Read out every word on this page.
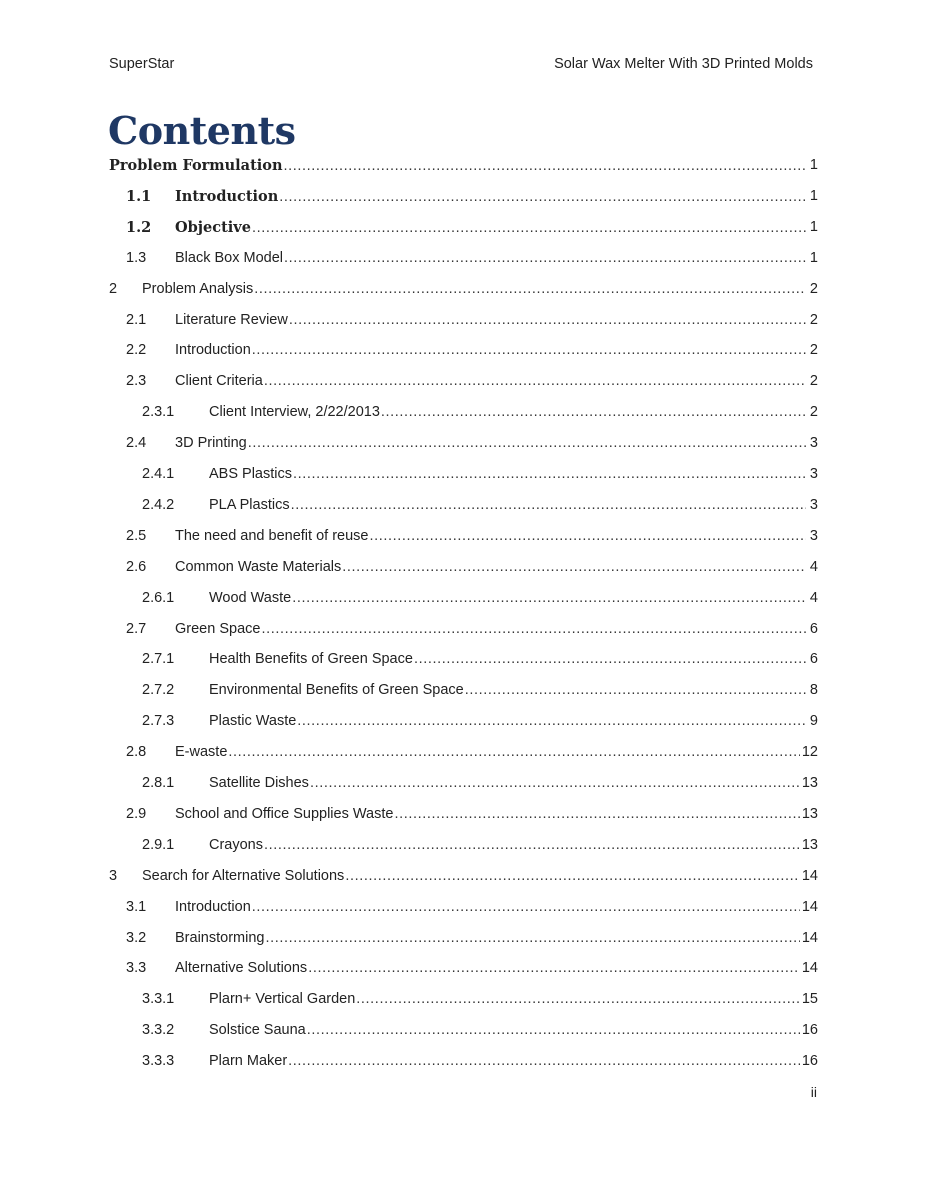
SuperStar	Solar Wax Melter With 3D Printed Molds
Contents
Problem Formulation .....	1
1.1 Introduction .....	1
1.2 Objective .....	1
1.3 Black Box Model .....	1
2 Problem Analysis .....	2
2.1 Literature Review .....	2
2.2 Introduction .....	2
2.3 Client Criteria .....	2
2.3.1 Client Interview, 2/22/2013 .....	2
2.4 3D Printing .....	3
2.4.1 ABS Plastics .....	3
2.4.2 PLA Plastics .....	3
2.5 The need and benefit of reuse .....	3
2.6 Common Waste Materials .....	4
2.6.1 Wood Waste .....	4
2.7 Green Space .....	6
2.7.1 Health Benefits of Green Space .....	6
2.7.2 Environmental Benefits of Green Space .....	8
2.7.3 Plastic Waste .....	9
2.8 E-waste .....	12
2.8.1 Satellite Dishes .....	13
2.9 School and Office Supplies Waste .....	13
2.9.1 Crayons .....	13
3 Search for Alternative Solutions .....	14
3.1 Introduction .....	14
3.2 Brainstorming .....	14
3.3 Alternative Solutions .....	14
3.3.1 Plarn+ Vertical Garden .....	15
3.3.2 Solstice Sauna .....	16
3.3.3 Plarn Maker .....	16
ii
